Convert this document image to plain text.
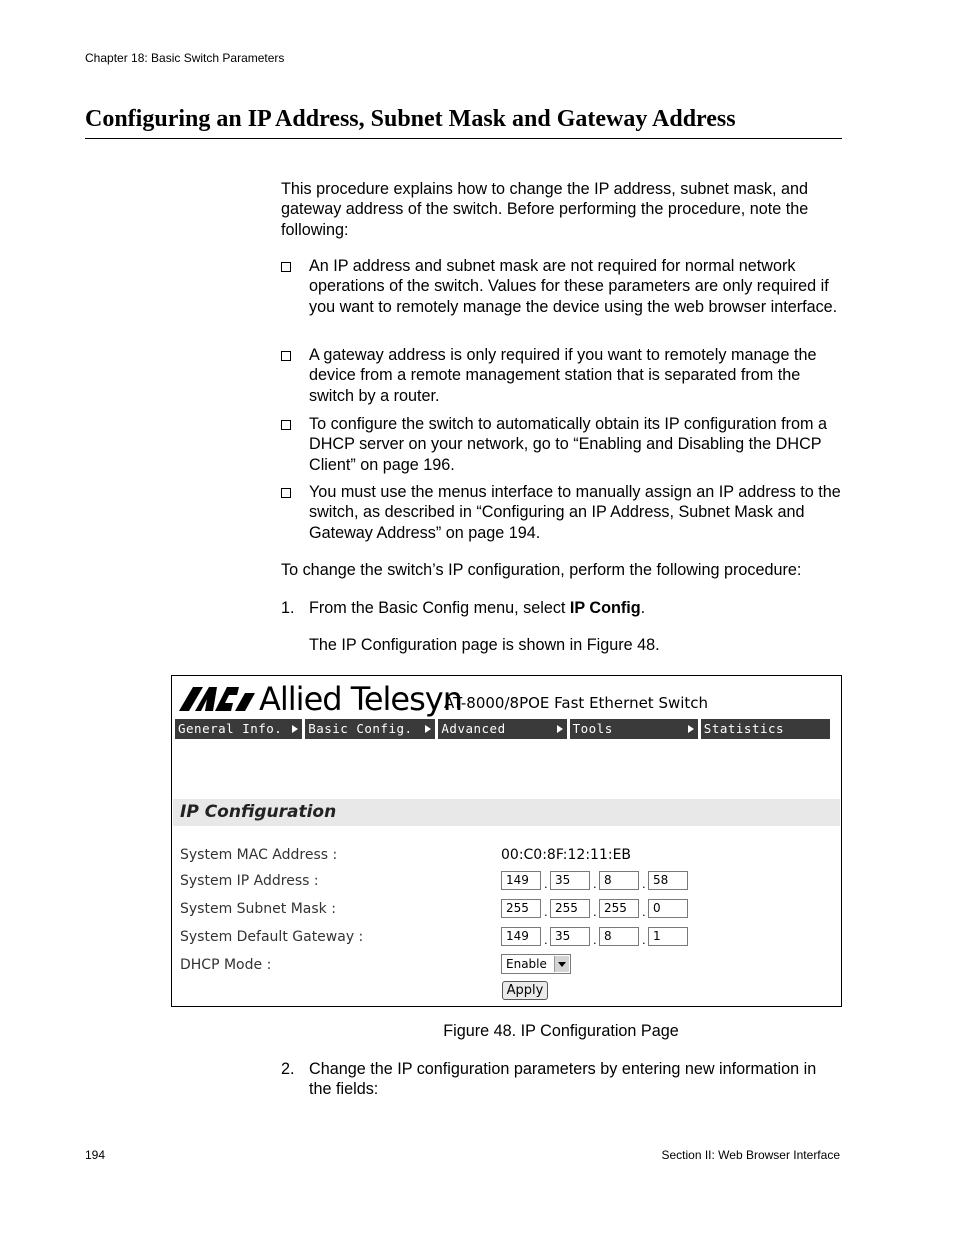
Chapter 18: Basic Switch Parameters
Configuring an IP Address, Subnet Mask and Gateway Address
This procedure explains how to change the IP address, subnet mask, and gateway address of the switch. Before performing the procedure, note the following:
An IP address and subnet mask are not required for normal network operations of the switch. Values for these parameters are only required if you want to remotely manage the device using the web browser interface.
A gateway address is only required if you want to remotely manage the device from a remote management station that is separated from the switch by a router.
To configure the switch to automatically obtain its IP configuration from a DHCP server on your network, go to “Enabling and Disabling the DHCP Client” on page 196.
You must use the menus interface to manually assign an IP address to the switch, as described in “Configuring an IP Address, Subnet Mask and Gateway Address” on page 194.
To change the switch’s IP configuration, perform the following procedure:
1. From the Basic Config menu, select IP Config.
The IP Configuration page is shown in Figure 48.
Allied Telesyn
AT-8000/8POE Fast Ethernet Switch
General Info.	Basic Config.	Advanced Config.
Tools	Statistics
IP Configuration
System MAC Address :	00:C0:8F:12:11:EB
System IP Address :	149	. 35	. 8	. 58
System Subnet Mask :	255	. 255	. 255	. 0
System Default Gateway :	149	. 35	. 8	. 1
DHCP Mode :	Enable
Apply
Figure 48. IP Configuration Page
2. Change the IP configuration parameters by entering new information in the fields:
194	Section II: Web Browser Interface
